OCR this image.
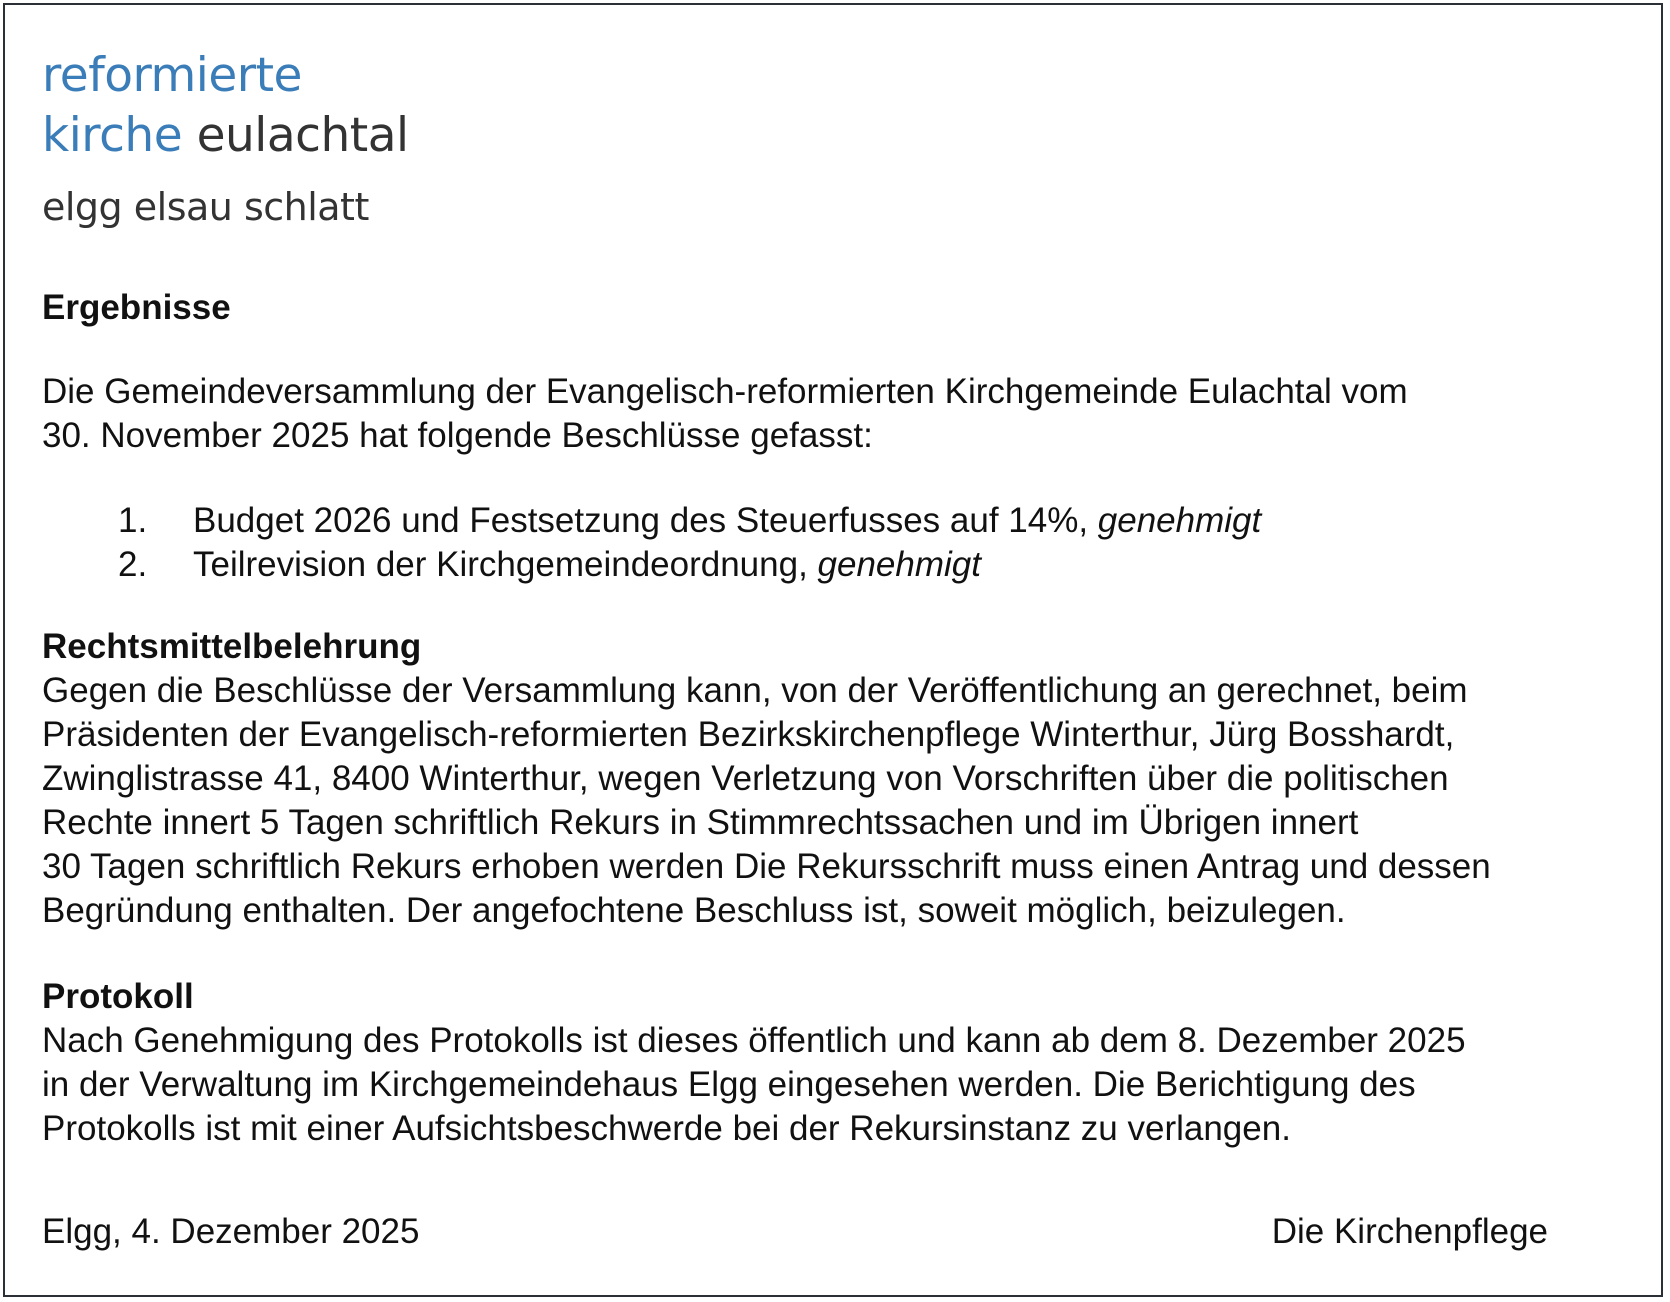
reformierte
kirche eulachtal
elgg elsau schlatt

Ergebnisse

Die Gemeindeversammlung der Evangelisch-reformierten Kirchgemeinde Eulachtal vom

30. November 2025 hat folgende Beschlüsse gefasst:

1.	Budget 2026 und Festsetzung des Steuerfusses auf 14%, genehmigt
2.	Teilrevision der Kirchgemeindeordnung, genehmigt

Rechtsmittelbelehrung

Gegen die Beschlüsse der Versammlung kann, von der Veröffentlichung an gerechnet, beim

Präsidenten der Evangelisch-reformierten Bezirkskirchenpflege Winterthur, Jürg Bosshardt,

Zwinglistrasse 41, 8400 Winterthur, wegen Verletzung von Vorschriften über die politischen

Rechte innert 5 Tagen schriftlich Rekurs in Stimmrechtssachen und im Übrigen innert

30 Tagen schriftlich Rekurs erhoben werden Die Rekursschrift muss einen Antrag und dessen

Begründung enthalten. Der angefochtene Beschluss ist, soweit möglich, beizulegen.

Protokoll

Nach Genehmigung des Protokolls ist dieses öffentlich und kann ab dem 8. Dezember 2025

in der Verwaltung im Kirchgemeindehaus Elgg eingesehen werden. Die Berichtigung des

Protokolls ist mit einer Aufsichtsbeschwerde bei der Rekursinstanz zu verlangen.

Elgg, 4. Dezember 2025	Die Kirchenpflege
